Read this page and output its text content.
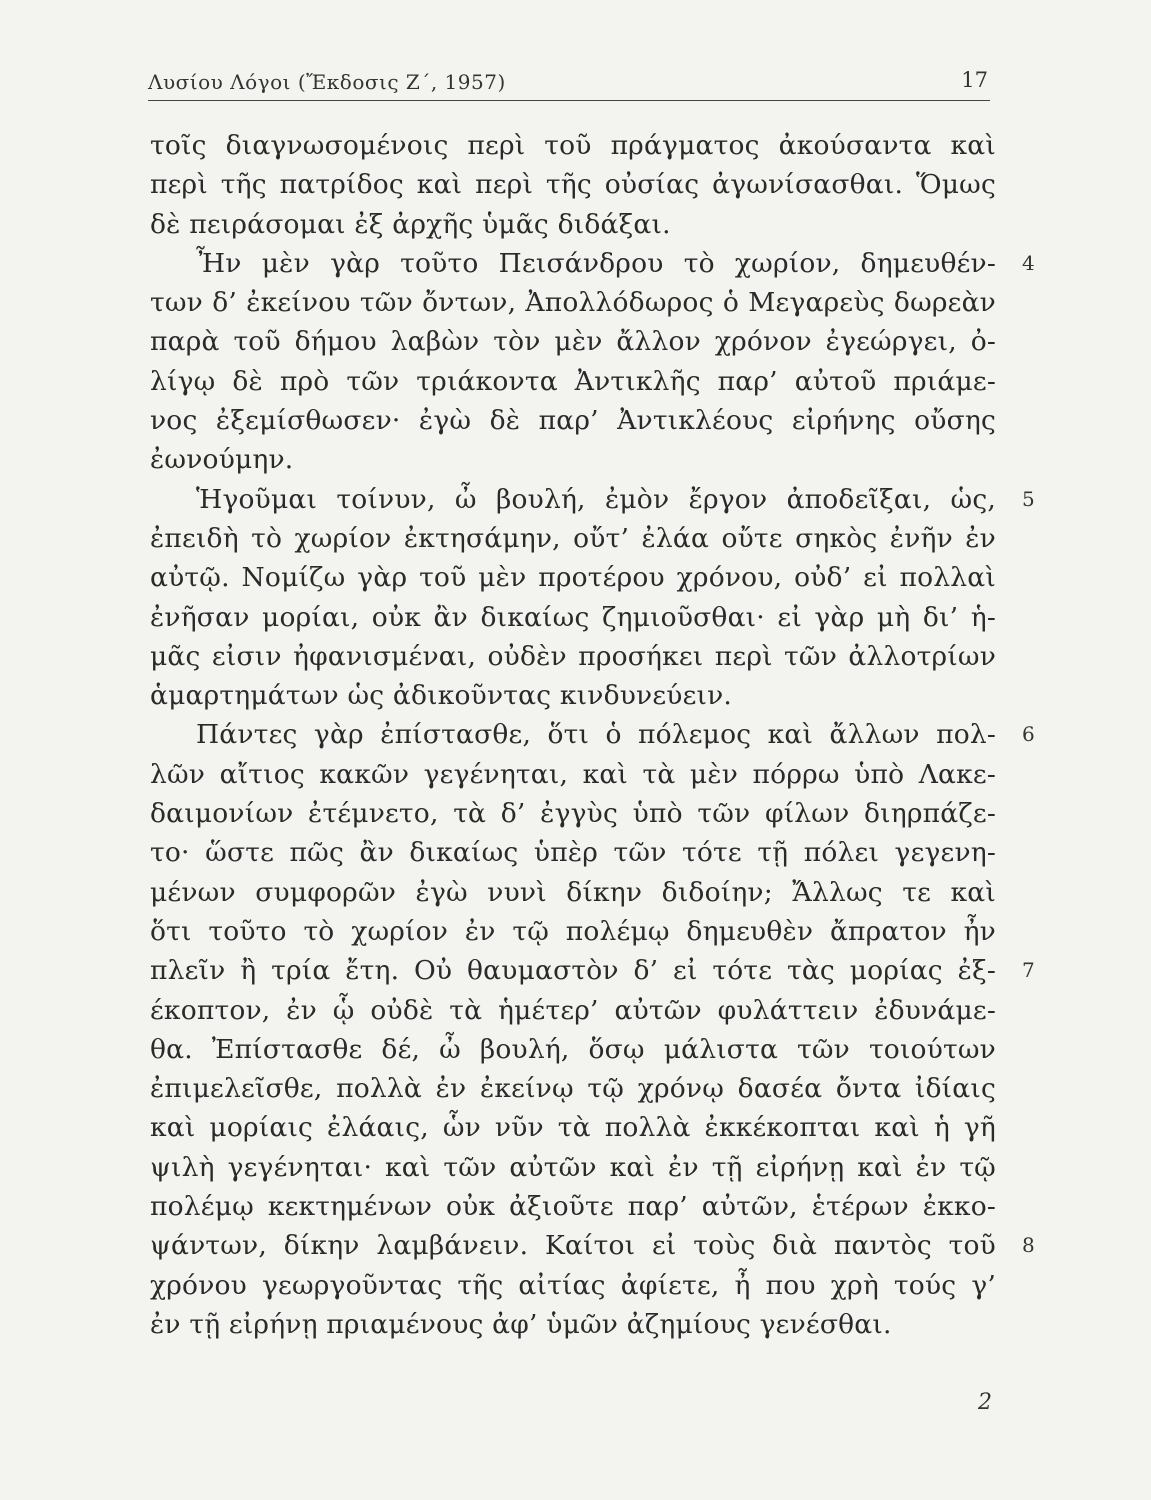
Λυσίου Λόγοι (Ἔκδοσις Ζ΄, 1957)	17
τοῖς διαγνωσομένοις περὶ τοῦ πράγματος ἀκούσαντα καὶ
περὶ τῆς πατρίδος καὶ περὶ τῆς οὐσίας ἀγωνίσασθαι. Ὅμως
δὲ πειράσομαι ἐξ ἀρχῆς ὑμᾶς διδάξαι.
Ἦν μὲν γὰρ τοῦτο Πεισάνδρου τὸ χωρίον, δημευθέν- 4
των δ’ ἐκείνου τῶν ὄντων, Ἀπολλόδωρος ὁ Μεγαρεὺς δωρεὰν
παρὰ τοῦ δήμου λαβὼν τὸν μὲν ἄλλον χρόνον ἐγεώργει, ὀ-
λίγῳ δὲ πρὸ τῶν τριάκοντα Ἀντικλῆς παρ’ αὐτοῦ πριάμε-
νος ἐξεμίσθωσεν· ἐγὼ δὲ παρ’ Ἀντικλέους εἰρήνης οὔσης
ἐωνούμην.
Ἡγοῦμαι τοίνυν, ὦ βουλή, ἐμὸν ἔργον ἀποδεῖξαι, ὡς, 5
ἐπειδὴ τὸ χωρίον ἐκτησάμην, οὔτ’ ἐλάα οὔτε σηκὸς ἐνῆν ἐν
αὐτῷ. Νομίζω γὰρ τοῦ μὲν προτέρου χρόνου, οὐδ’ εἰ πολλαὶ
ἐνῆσαν μορίαι, οὐκ ἂν δικαίως ζημιοῦσθαι· εἰ γὰρ μὴ δι’ ἡ-
μᾶς εἰσιν ἠφανισμέναι, οὐδὲν προσήκει περὶ τῶν ἀλλοτρίων
ἁμαρτημάτων ὡς ἀδικοῦντας κινδυνεύειν.
Πάντες γὰρ ἐπίστασθε, ὅτι ὁ πόλεμος καὶ ἄλλων πολ- 6
λῶν αἴτιος κακῶν γεγένηται, καὶ τὰ μὲν πόρρω ὑπὸ Λακε-
δαιμονίων ἐτέμνετο, τὰ δ’ ἐγγὺς ὑπὸ τῶν φίλων διηρπάζε-
το· ὥστε πῶς ἂν δικαίως ὑπὲρ τῶν τότε τῇ πόλει γεγενη-
μένων συμφορῶν ἐγὼ νυνὶ δίκην διδοίην; Ἄλλως τε καὶ
ὅτι τοῦτο τὸ χωρίον ἐν τῷ πολέμῳ δημευθὲν ἄπρατον ἦν
πλεῖν ἢ τρία ἔτη. Οὐ θαυμαστὸν δ’ εἰ τότε τὰς μορίας ἐξ- 7
έκοπτον, ἐν ᾧ οὐδὲ τὰ ἡμέτερ’ αὐτῶν φυλάττειν ἐδυνάμε-
θα. Ἐπίστασθε δέ, ὦ βουλή, ὅσῳ μάλιστα τῶν τοιούτων
ἐπιμελεῖσθε, πολλὰ ἐν ἐκείνῳ τῷ χρόνῳ δασέα ὄντα ἰδίαις
καὶ μορίαις ἐλάαις, ὧν νῦν τὰ πολλὰ ἐκκέκοπται καὶ ἡ γῆ
ψιλὴ γεγένηται· καὶ τῶν αὐτῶν καὶ ἐν τῇ εἰρήνῃ καὶ ἐν τῷ
πολέμῳ κεκτημένων οὐκ ἀξιοῦτε παρ’ αὐτῶν, ἑτέρων ἐκκο-
ψάντων, δίκην λαμβάνειν. Καίτοι εἰ τοὺς διὰ παντὸς τοῦ 8
χρόνου γεωργοῦντας τῆς αἰτίας ἀφίετε, ἦ που χρὴ τούς γ’
ἐν τῇ εἰρήνῃ πριαμένους ἀφ’ ὑμῶν ἀζημίους γενέσθαι.
2
